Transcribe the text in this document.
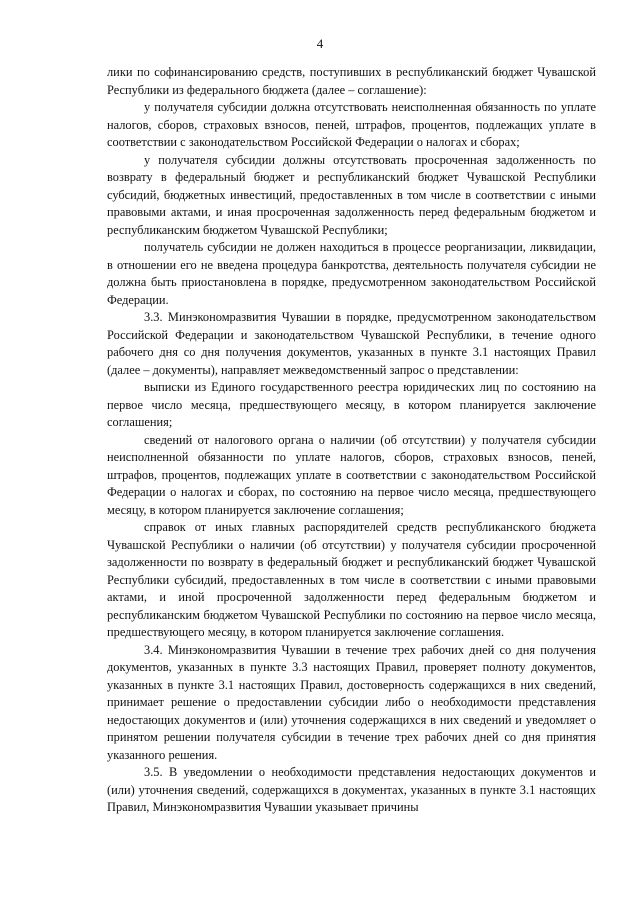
4

лики по софинансированию средств, поступивших в республиканский бюджет Чувашской Республики из федерального бюджета (далее – соглашение):

у получателя субсидии должна отсутствовать неисполненная обязанность по уплате налогов, сборов, страховых взносов, пеней, штрафов, процентов, подлежащих уплате в соответствии с законодательством Российской Федерации о налогах и сборах;

у получателя субсидии должны отсутствовать просроченная задолженность по возврату в федеральный бюджет и республиканский бюджет Чувашской Республики субсидий, бюджетных инвестиций, предоставленных в том числе в соответствии с иными правовыми актами, и иная просроченная задолженность перед федеральным бюджетом и республиканским бюджетом Чувашской Республики;

получатель субсидии не должен находиться в процессе реорганизации, ликвидации, в отношении его не введена процедура банкротства, деятельность получателя субсидии не должна быть приостановлена в порядке, предусмотренном законодательством Российской Федерации.

3.3. Минэкономразвития Чувашии в порядке, предусмотренном законодательством Российской Федерации и законодательством Чувашской Республики, в течение одного рабочего дня со дня получения документов, указанных в пункте 3.1 настоящих Правил (далее – документы), направляет межведомственный запрос о представлении:

выписки из Единого государственного реестра юридических лиц по состоянию на первое число месяца, предшествующего месяцу, в котором планируется заключение соглашения;

сведений от налогового органа о наличии (об отсутствии) у получателя субсидии неисполненной обязанности по уплате налогов, сборов, страховых взносов, пеней, штрафов, процентов, подлежащих уплате в соответствии с законодательством Российской Федерации о налогах и сборах, по состоянию на первое число месяца, предшествующего месяцу, в котором планируется заключение соглашения;

справок от иных главных распорядителей средств республиканского бюджета Чувашской Республики о наличии (об отсутствии) у получателя субсидии просроченной задолженности по возврату в федеральный бюджет и республиканский бюджет Чувашской Республики субсидий, предоставленных в том числе в соответствии с иными правовыми актами, и иной просроченной задолженности перед федеральным бюджетом и республиканским бюджетом Чувашской Республики по состоянию на первое число месяца, предшествующего месяцу, в котором планируется заключение соглашения.

3.4. Минэкономразвития Чувашии в течение трех рабочих дней со дня получения документов, указанных в пункте 3.3 настоящих Правил, проверяет полноту документов, указанных в пункте 3.1 настоящих Правил, достоверность содержащихся в них сведений, принимает решение о предоставлении субсидии либо о необходимости представления недостающих документов и (или) уточнения содержащихся в них сведений и уведомляет о принятом решении получателя субсидии в течение трех рабочих дней со дня принятия указанного решения.

3.5. В уведомлении о необходимости представления недостающих документов и (или) уточнения сведений, содержащихся в документах, указанных в пункте 3.1 настоящих Правил, Минэкономразвития Чувашии указывает причины
